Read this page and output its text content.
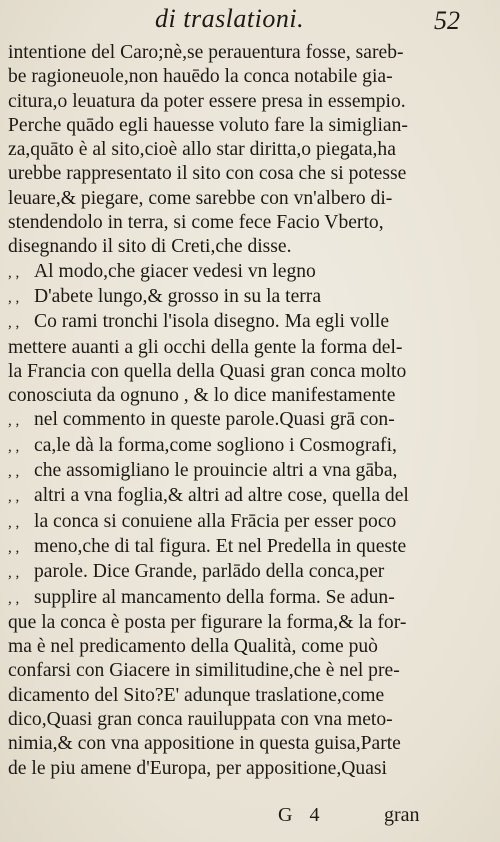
di traslationi.	52
intentione del Caro;nè,se perauentura fosse, sareb-
be ragioneuole,non hauēdo la conca notabile gia-
citura,o leuatura da poter essere presa in essempio.
Perche quādo egli hauesse voluto fare la simiglian-
za,quāto è al sito,cioè allo star diritta,o piegata,ha
urebbe rappresentato il sito con cosa che si potesse
leuare,& piegare, come sarebbe con vn'albero di-
stendendolo in terra, si come fece Facio Vberto,
disegnando il sito di Creti,che disse.
, , Al modo,che giacer vedesi vn legno
, , D'abete lungo,& grosso in su la terra
, , Co rami tronchi l'isola disegno. Ma egli volle
mettere auanti a gli occhi della gente la forma del-
la Francia con quella della Quasi gran conca molto
conosciuta da ognuno , & lo dice manifestamente
, , nel commento in queste parole.Quasi grā con-
, , ca,le dà la forma,come sogliono i Cosmografi,
, , che assomigliano le prouincie altri a vna gāba,
, , altri a vna foglia,& altri ad altre cose, quella del
, , la conca si conuiene alla Frācia per esser poco
, , meno,che di tal figura. Et nel Predella in queste
, , parole. Dice Grande, parlādo della conca,per
, , supplire al mancamento della forma. Se adun-
que la conca è posta per figurare la forma,& la for-
ma è nel predicamento della Qualità, come può
confarsi con Giacere in similitudine,che è nel pre-
dicamento del Sito?E' adunque traslatione,come
dico,Quasi gran conca rauiluppata con vna meto-
nimia,& con vna appositione in questa guisa,Parte
de le piu amene d'Europa, per appositione,Quasi
G 4	gran
